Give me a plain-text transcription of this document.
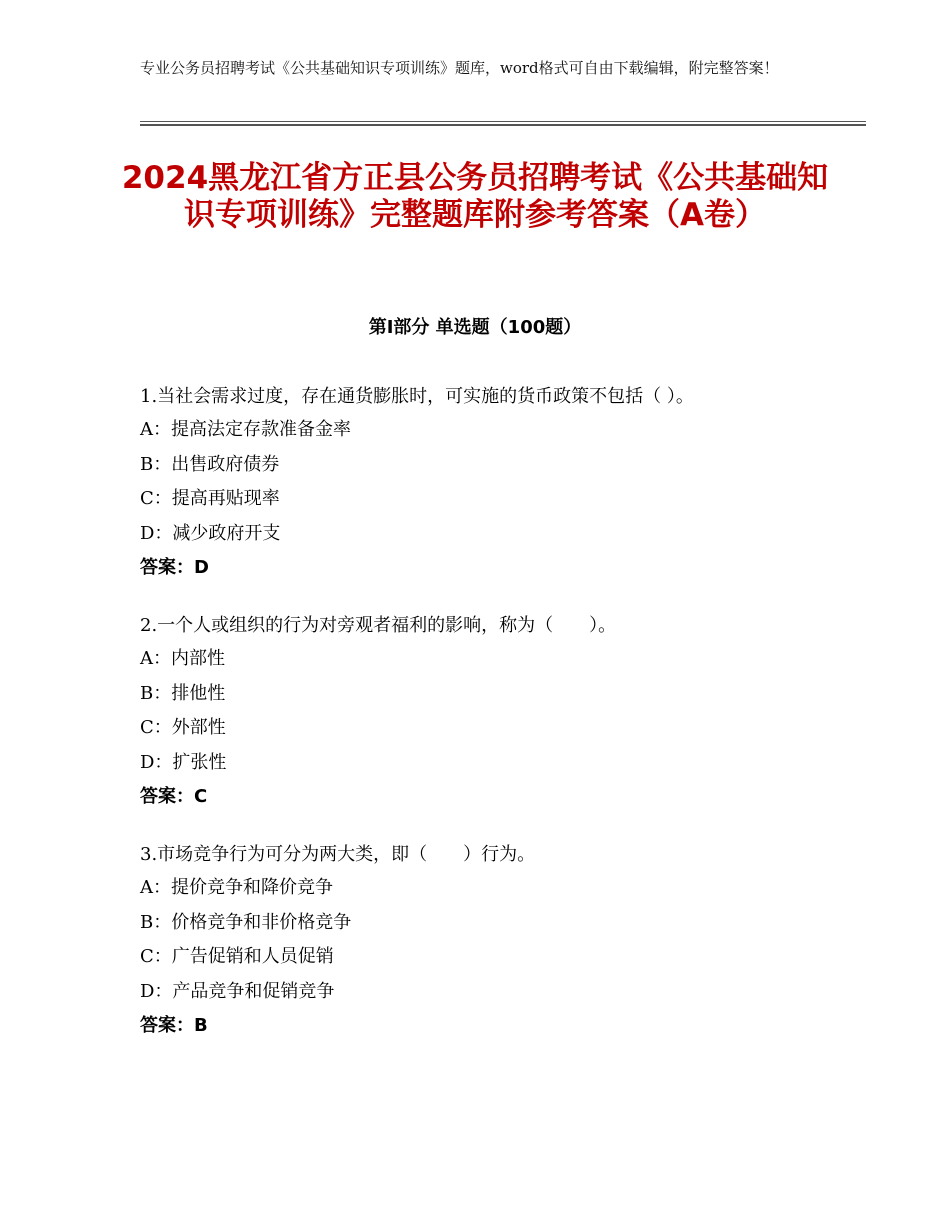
专业公务员招聘考试《公共基础知识专项训练》题库，word格式可自由下载编辑，附完整答案！
2024黑龙江省方正县公务员招聘考试《公共基础知识专项训练》完整题库附参考答案（A卷）
第Ⅰ部分 单选题（100题）

1.当社会需求过度，存在通货膨胀时，可实施的货币政策不包括（ ）。

A：提高法定存款准备金率

B：出售政府债券

C：提高再贴现率

D：减少政府开支

答案：D

2.一个人或组织的行为对旁观者福利的影响，称为（　　）。

A：内部性

B：排他性

C：外部性

D：扩张性

答案：C

3.市场竞争行为可分为两大类，即（　　）行为。

A：提价竞争和降价竞争

B：价格竞争和非价格竞争

C：广告促销和人员促销

D：产品竞争和促销竞争

答案：B
